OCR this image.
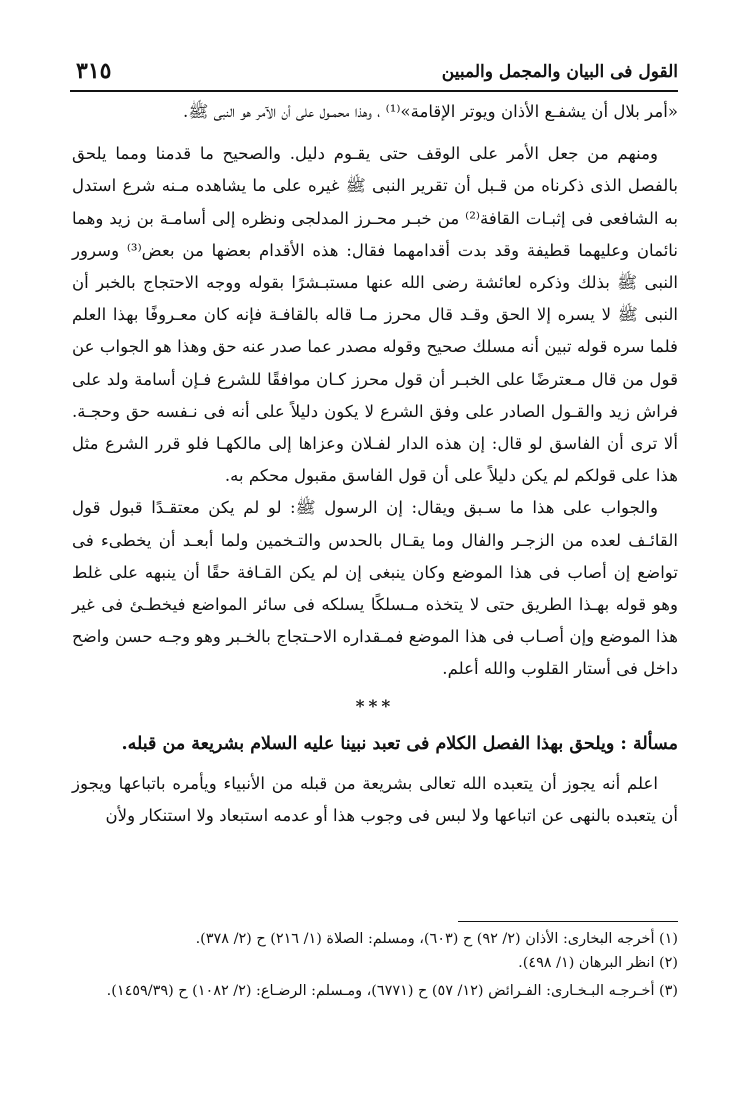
٣١٥	القول فى البيان والمجمل والمبين

«أمر بلال أن يشفـع الأذان ويوتر الإقامة»⁽¹⁾ ، وهذا محمـول على أن الآمر هو النبى ﷺ.

ومنهم من جعل الأمر على الوقف حتى يقـوم دليل. والصحيح ما قدمنا ومما يلحق بالفصل الذى ذكرناه من قـبل أن تقرير النبى ﷺ غيره على ما يشاهده مـنه شرع استدل به الشافعى فى إثبـات القافة⁽²⁾ من خبـر محـرز المدلجى ونظره إلى أسامـة بن زيد وهما نائمان وعليهما قطيفة وقد بدت أقدامهما فقال: هذه الأقدام بعضها من بعض⁽³⁾ وسرور النبى ﷺ بذلك وذكره لعائشة رضى الله عنها مستبـشرًا بقوله ووجه الاحتجاج بالخبر أن النبى ﷺ لا يسره إلا الحق وقـد قال محرز مـا قاله بالقافـة فإنه كان معـروفًا بهذا العلم فلما سره قوله تبين أنه مسلك صحيح وقوله مصدر عما صدر عنه حق وهذا هو الجواب عن قول من قال مـعترضًا على الخبـر أن قول محرز كـان موافقًا للشرع فـإن أسامة ولد على فراش زيد والقـول الصادر على وفق الشرع لا يكون دليلاً على أنه فى نـفسه حق وحجـة. ألا ترى أن الفاسق لو قال: إن هذه الدار لفـلان وعزاها إلى مالكهـا فلو قرر الشرع مثل هذا على قولكم لم يكن دليلاً على أن قول الفاسق مقبول محكم به.

والجواب على هذا ما سـبق ويقال: إن الرسول ﷺ: لو لم يكن معتقـدًا قبول قول القائـف لعده من الزجـر والفال وما يقـال بالحدس والتـخمين ولما أبعـد أن يخطىء فى تواضع إن أصاب فى هذا الموضع وكان ينبغى إن لم يكن القـافة حقًا أن ينبهه على غلط وهو قوله بهـذا الطريق حتى لا يتخذه مـسلكًا يسلكه فى سائر المواضع فيخطـئ فى غير هذا الموضع وإن أصـاب فى هذا الموضع فمـقداره الاحـتجاج بالخـبر وهو وجـه حسن واضح داخل فى أستار القلوب والله أعلم.

***

مسألة : ويلحق بهذا الفصل الكلام فى تعبد نبينا عليه السلام بشريعة من قبله.

اعلم أنه يجوز أن يتعبده الله تعالى بشريعة من قبله من الأنبياء ويأمره باتباعها ويجوز أن يتعبده بالنهى عن اتباعها ولا لبس فى وجوب هذا أو عدمه استبعاد ولا استنكار ولأن

(١) أخرجه البخارى: الأذان (٢/ ٩٢) ح (٦٠٣)، ومسلم: الصلاة (١/ ٢١٦) ح (٢/ ٣٧٨).

(٢) انظر البرهان (١/ ٤٩٨).

(٣) أخـرجـه البـخـارى: الفـرائض (١٢/ ٥٧) ح (٦٧٧١)، ومـسلم: الرضـاع: (٢/ ١٠٨٢) ح (١٤٥٩/٣٩).
